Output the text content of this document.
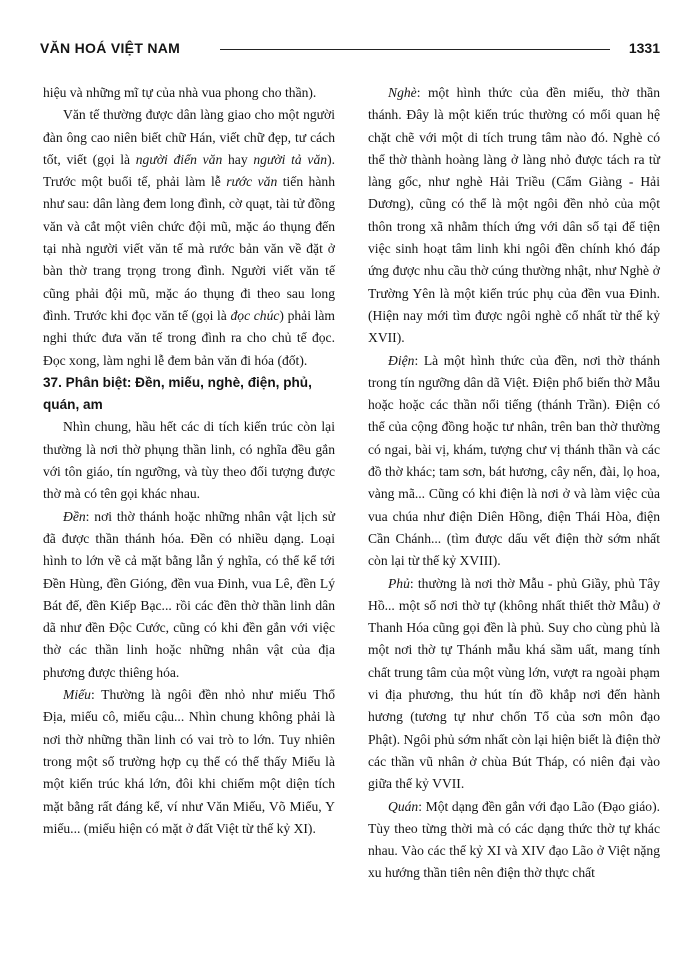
VĂN HOÁ VIỆT NAM	1331

hiệu và những mĩ tự của nhà vua phong cho thần).

Văn tế thường được dân làng giao cho một người đàn ông cao niên biết chữ Hán, viết chữ đẹp, tư cách tốt, viết (gọi là người điển văn hay người tả văn). Trước một buổi tế, phải làm lễ rước văn tiến hành như sau: dân làng đem long đình, cờ quạt, tài tử đồng văn và cắt một viên chức đội mũ, mặc áo thụng đến tại nhà người viết văn tế mà rước bản văn về đặt ở bàn thờ trang trọng trong đình. Người viết văn tế cũng phải đội mũ, mặc áo thụng đi theo sau long đình. Trước khi đọc văn tế (gọi là đọc chúc) phải làm nghi thức đưa văn tế trong đình ra cho chủ tế đọc. Đọc xong, làm nghi lễ đem bản văn đi hóa (đốt).

37. Phân biệt: Đền, miếu, nghè, điện, phủ, quán, am

Nhìn chung, hầu hết các di tích kiến trúc còn lại thường là nơi thờ phụng thần linh, có nghĩa đều gắn với tôn giáo, tín ngưỡng, và tùy theo đối tượng được thờ mà có tên gọi khác nhau.

Đền: nơi thờ thánh hoặc những nhân vật lịch sử đã được thần thánh hóa. Đền có nhiều dạng. Loại hình to lớn về cả mặt bằng lẫn ý nghĩa, có thể kể tới Đền Hùng, đền Gióng, đền vua Đinh, vua Lê, đền Lý Bát đế, đền Kiếp Bạc... rồi các đền thờ thần linh dân dã như đền Độc Cước, cũng có khi đền gắn với việc thờ các thần linh hoặc những nhân vật của địa phương được thiêng hóa.

Miếu: Thường là ngôi đền nhỏ như miếu Thổ Địa, miếu cô, miếu cậu... Nhìn chung không phải là nơi thờ những thần linh có vai trò to lớn. Tuy nhiên trong một số trường hợp cụ thể có thể thấy Miếu là một kiến trúc khá lớn, đôi khi chiếm một diện tích mặt bằng rất đáng kể, ví như Văn Miếu, Võ Miếu, Y miếu... (miếu hiện có mặt ở đất Việt từ thế kỷ XI).

Nghè: một hình thức của đền miếu, thờ thần thánh. Đây là một kiến trúc thường có mối quan hệ chặt chẽ với một di tích trung tâm nào đó. Nghè có thể thờ thành hoàng làng ở làng nhỏ được tách ra từ làng gốc, như nghè Hải Triều (Cẩm Giàng - Hải Dương), cũng có thể là một ngôi đền nhỏ của một thôn trong xã nhằm thích ứng với dân số tại để tiện việc sinh hoạt tâm linh khi ngôi đền chính khó đáp ứng được nhu cầu thờ cúng thường nhật, như Nghè ở Trường Yên là một kiến trúc phụ của đền vua Đinh. (Hiện nay mới tìm được ngôi nghè cổ nhất từ thế kỷ XVII).

Điện: Là một hình thức của đền, nơi thờ thánh trong tín ngưỡng dân dã Việt. Điện phổ biến thờ Mẫu hoặc hoặc các thần nổi tiếng (thánh Trần). Điện có thể của cộng đồng hoặc tư nhân, trên ban thờ thường có ngai, bài vị, khám, tượng chư vị thánh thần và các đồ thờ khác; tam sơn, bát hương, cây nến, đài, lọ hoa, vàng mã... Cũng có khi điện là nơi ở và làm việc của vua chúa như điện Diên Hồng, điện Thái Hòa, điện Cần Chánh... (tìm được dấu vết điện thờ sớm nhất còn lại từ thế kỷ XVIII).

Phủ: thường là nơi thờ Mẫu - phủ Giầy, phủ Tây Hồ... một số nơi thờ tự (không nhất thiết thờ Mẫu) ở Thanh Hóa cũng gọi đền là phủ. Suy cho cùng phủ là một nơi thờ tự Thánh mẫu khá sầm uất, mang tính chất trung tâm của một vùng lớn, vượt ra ngoài phạm vi địa phương, thu hút tín đồ khắp nơi đến hành hương (tương tự như chốn Tổ của sơn môn đạo Phật). Ngôi phủ sớm nhất còn lại hiện biết là điện thờ các thần vũ nhân ở chùa Bút Tháp, có niên đại vào giữa thế kỷ VVII.

Quán: Một dạng đền gắn với đạo Lão (Đạo giáo). Tùy theo từng thời mà có các dạng thức thờ tự khác nhau. Vào các thế kỷ XI và XIV đạo Lão ở Việt nặng xu hướng thần tiên nên điện thờ thực chất
